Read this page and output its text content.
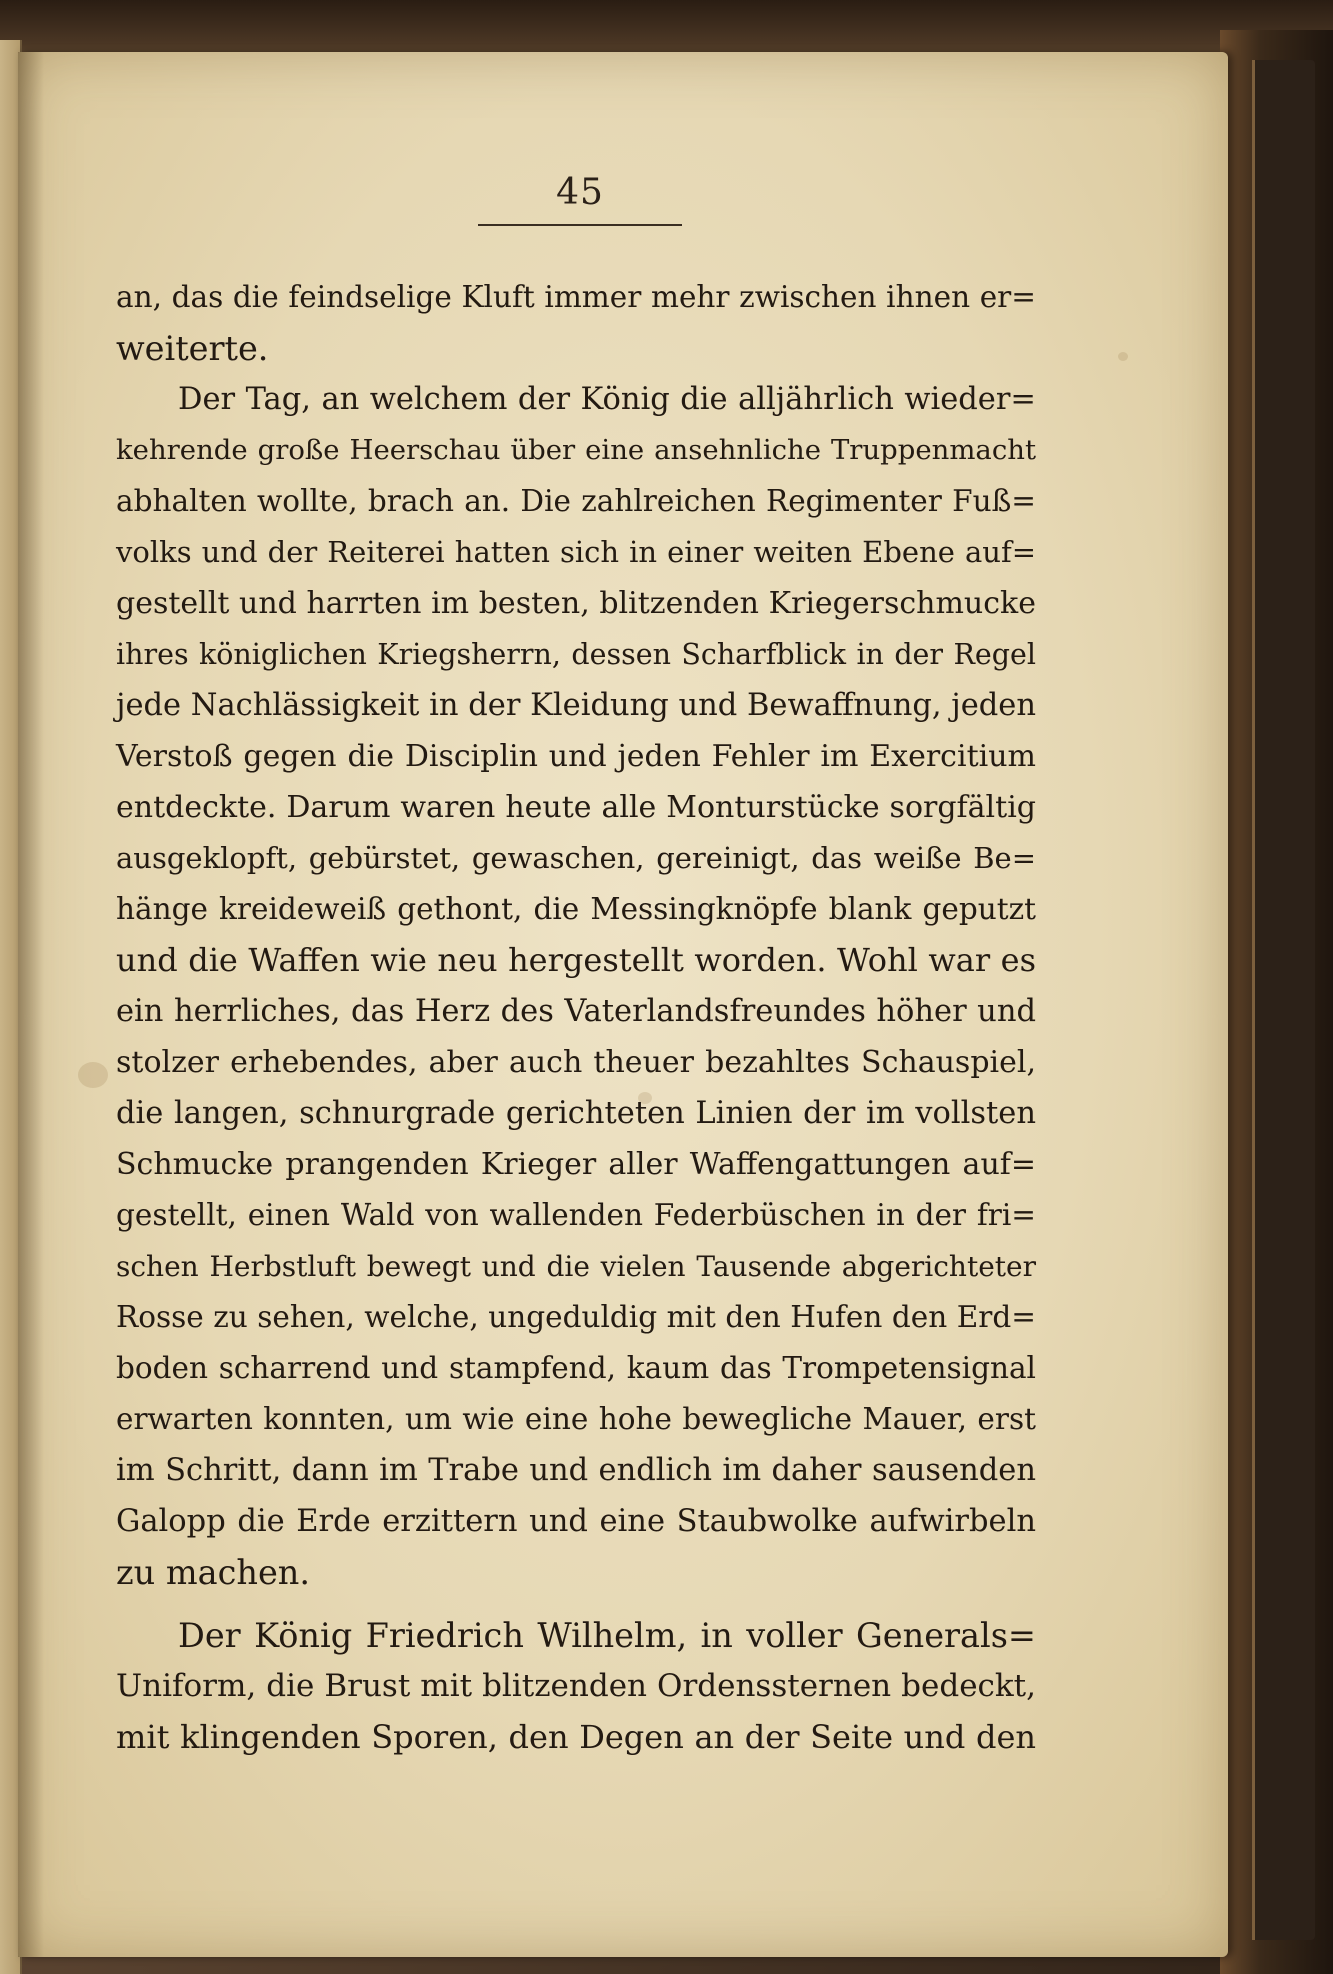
45
an, das die feindselige Kluft immer mehr zwischen ihnen er=
weiterte.
Der Tag, an welchem der König die alljährlich wieder=
kehrende große Heerschau über eine ansehnliche Truppenmacht
abhalten wollte, brach an. Die zahlreichen Regimenter Fuß=
volks und der Reiterei hatten sich in einer weiten Ebene auf=
gestellt und harrten im besten, blitzenden Kriegerschmucke
ihres königlichen Kriegsherrn, dessen Scharfblick in der Regel
jede Nachlässigkeit in der Kleidung und Bewaffnung, jeden
Verstoß gegen die Disciplin und jeden Fehler im Exercitium
entdeckte. Darum waren heute alle Monturstücke sorgfältig
ausgeklopft, gebürstet, gewaschen, gereinigt, das weiße Be=
hänge kreideweiß gethont, die Messingknöpfe blank geputzt
und die Waffen wie neu hergestellt worden. Wohl war es
ein herrliches, das Herz des Vaterlandsfreundes höher und
stolzer erhebendes, aber auch theuer bezahltes Schauspiel,
die langen, schnurgrade gerichteten Linien der im vollsten
Schmucke prangenden Krieger aller Waffengattungen auf=
gestellt, einen Wald von wallenden Federbüschen in der fri=
schen Herbstluft bewegt und die vielen Tausende abgerichteter
Rosse zu sehen, welche, ungeduldig mit den Hufen den Erd=
boden scharrend und stampfend, kaum das Trompetensignal
erwarten konnten, um wie eine hohe bewegliche Mauer, erst
im Schritt, dann im Trabe und endlich im daher sausenden
Galopp die Erde erzittern und eine Staubwolke aufwirbeln
zu machen.
Der König Friedrich Wilhelm, in voller Generals=
Uniform, die Brust mit blitzenden Ordenssternen bedeckt,
mit klingenden Sporen, den Degen an der Seite und den
